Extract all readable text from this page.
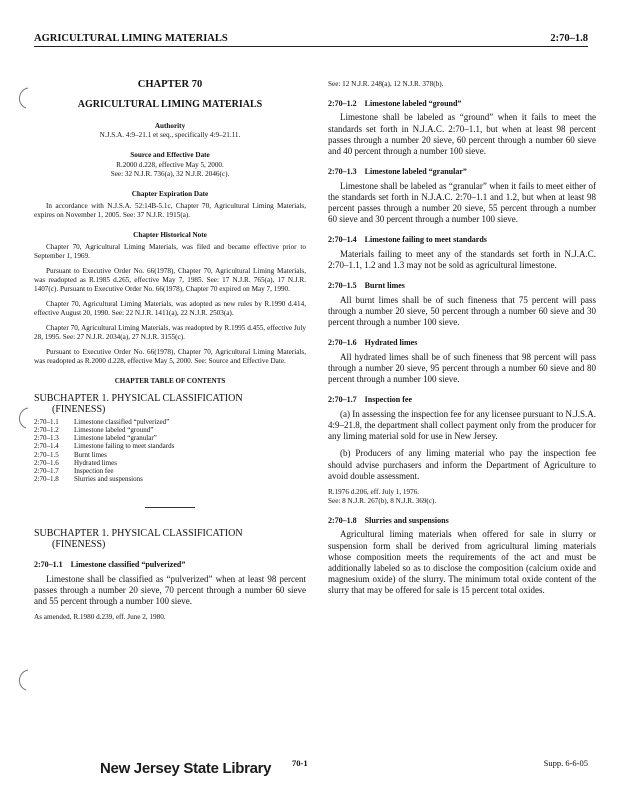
AGRICULTURAL LIMING MATERIALS	2:70–1.8
CHAPTER 70
AGRICULTURAL LIMING MATERIALS
Authority
N.J.S.A. 4:9–21.1 et seq., specifically 4:9–21.11.
Source and Effective Date
R.2000 d.228, effective May 5, 2000.
See: 32 N.J.R. 736(a), 32 N.J.R. 2046(c).
Chapter Expiration Date
In accordance with N.J.S.A. 52:14B-5.1c, Chapter 70, Agricultural Liming Materials, expires on November 1, 2005. See: 37 N.J.R. 1915(a).
Chapter Historical Note
Chapter 70, Agricultural Liming Materials, was filed and became effective prior to September 1, 1969.
Pursuant to Executive Order No. 66(1978), Chapter 70, Agricultural Liming Materials, was readopted as R.1985 d.265, effective May 7, 1985. See: 17 N.J.R. 765(a), 17 N.J.R. 1407(c). Pursuant to Executive Order No. 66(1978), Chapter 70 expired on May 7, 1990.
Chapter 70, Agricultural Liming Materials, was adopted as new rules by R.1990 d.414, effective August 20, 1990. See: 22 N.J.R. 1411(a), 22 N.J.R. 2503(a).
Chapter 70, Agricultural Liming Materials, was readopted by R.1995 d.455, effective July 28, 1995. See: 27 N.J.R. 2034(a), 27 N.J.R. 3155(c).
Pursuant to Executive Order No. 66(1978), Chapter 70, Agricultural Liming Materials, was readopted as R.2000 d.228, effective May 5, 2000. See: Source and Effective Date.
CHAPTER TABLE OF CONTENTS
SUBCHAPTER 1. PHYSICAL CLASSIFICATION
(FINENESS)
2:70–1.1	Limestone classified “pulverized”
2:70–1.2	Limestone labeled “ground”
2:70–1.3	Limestone labeled “granular”
2:70–1.4	Limestone failing to meet standards
2:70–1.5	Burnt limes
2:70–1.6	Hydrated limes
2:70–1.7	Inspection fee
2:70–1.8	Slurries and suspensions
SUBCHAPTER 1. PHYSICAL CLASSIFICATION
(FINENESS)
2:70–1.1 Limestone classified “pulverized”

Limestone shall be classified as “pulverized” when at least 98 percent passes through a number 20 sieve, 70 percent through a number 60 sieve and 55 percent through a number 100 sieve.

As amended, R.1980 d.239, eff. June 2, 1980.
See: 12 N.J.R. 248(a), 12 N.J.R. 378(b).
2:70–1.2 Limestone labeled “ground”

Limestone shall be labeled as “ground” when it fails to meet the standards set forth in N.J.A.C. 2:70–1.1, but when at least 98 percent passes through a number 20 sieve, 60 percent through a number 60 sieve and 40 percent through a number 100 sieve.

2:70–1.3 Limestone labeled “granular”

Limestone shall be labeled as “granular” when it fails to meet either of the standards set forth in N.J.A.C. 2:70–1.1 and 1.2, but when at least 98 percent passes through a number 20 sieve, 55 percent through a number 60 sieve and 30 percent through a number 100 sieve.

2:70–1.4 Limestone failing to meet standards

Materials failing to meet any of the standards set forth in N.J.A.C. 2:70–1.1, 1.2 and 1.3 may not be sold as agricultural limestone.

2:70–1.5 Burnt limes

All burnt limes shall be of such fineness that 75 percent will pass through a number 20 sieve, 50 percent through a number 60 sieve and 30 percent through a number 100 sieve.

2:70–1.6 Hydrated limes

All hydrated limes shall be of such fineness that 98 percent will pass through a number 20 sieve, 95 percent through a number 60 sieve and 80 percent through a number 100 sieve.

2:70–1.7 Inspection fee

(a) In assessing the inspection fee for any licensee pursuant to N.J.S.A. 4:9–21.8, the department shall collect payment only from the producer for any liming material sold for use in New Jersey.

(b) Producers of any liming material who pay the inspection fee should advise purchasers and inform the Department of Agriculture to avoid double assessment.

R.1976 d.206, eff. July 1, 1976.
See: 8 N.J.R. 267(b), 8 N.J.R. 369(c).
2:70–1.8 Slurries and suspensions

Agricultural liming materials when offered for sale in slurry or suspension form shall be derived from agricultural liming materials whose composition meets the requirements of the act and must be additionally labeled so as to disclose the composition (calcium oxide and magnesium oxide) of the slurry. The minimum total oxide content of the slurry that may be offered for sale is 15 percent total oxides.

70-1	Supp. 6-6-05
New Jersey State Library
